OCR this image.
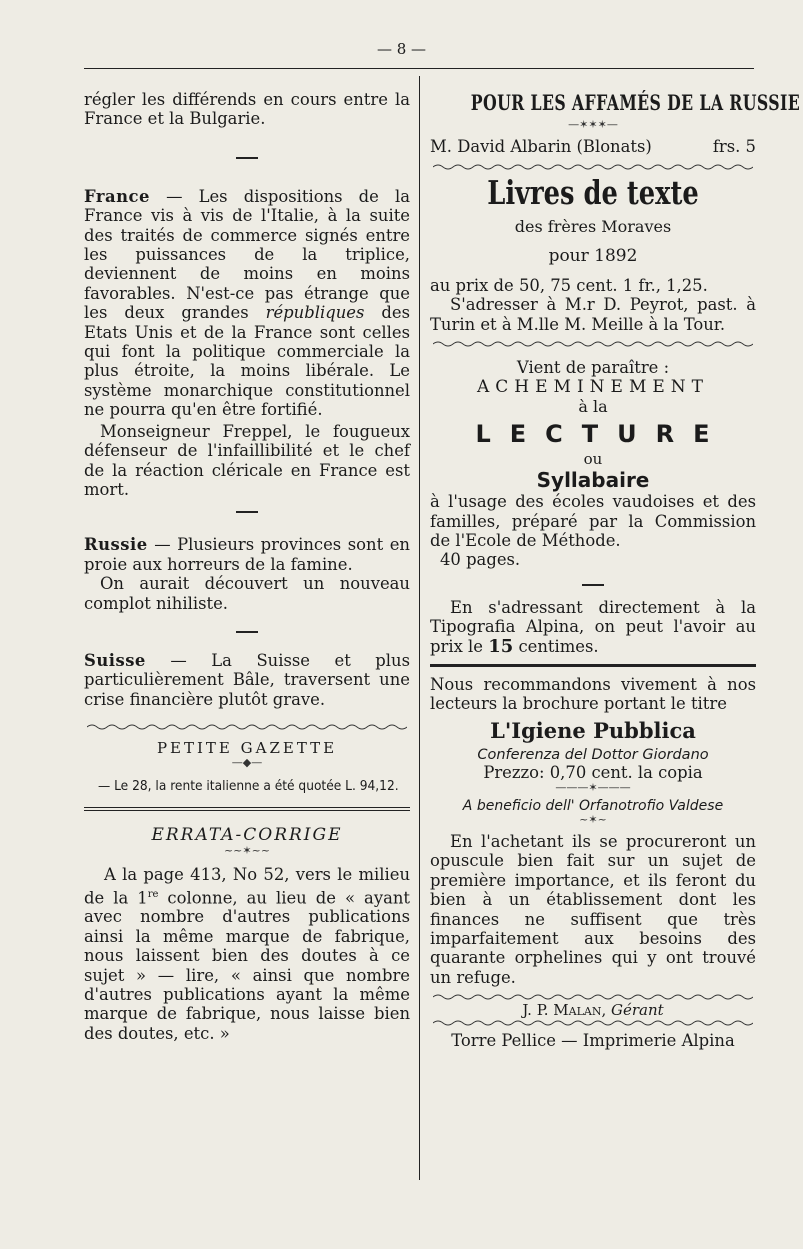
— 8 —

régler les différends en cours entre la France et la Bulgarie.

France — Les dispositions de la France vis à vis de l'Italie, à la suite des traités de commerce signés entre les puissances de la triplice, deviennent de moins en moins favorables. N'est-ce pas étrange que les deux grandes républiques des Etats Unis et de la France sont celles qui font la politique commerciale la plus étroite, la moins libérale. Le système monarchique constitutionnel ne pourra qu'en être fortifié.

Monseigneur Freppel, le fougueux défenseur de l'infaillibilité et le chef de la réaction cléricale en France est mort.

Russie — Plusieurs provinces sont en proie aux horreurs de la famine.

On aurait découvert un nouveau complot nihiliste.

Suisse — La Suisse et plus particulièrement Bâle, traversent une crise financière plutôt grave.

PETITE GAZETTE
—◆—

— Le 28, la rente italienne a été quotée L. 94,12.

ERRATA-CORRIGE
~~✶~~

A la page 413, No 52, vers le milieu de la 1re colonne, au lieu de « ayant avec nombre d'autres publications ainsi la même marque de fabrique, nous laissent bien des doutes à ce sujet » — lire, « ainsi que nombre d'autres publications ayant la même marque de fabrique, nous laisse bien des doutes, etc. »

POUR LES AFFAMÉS DE LA RUSSIE
—✶✶✶—
M. David Albarin (Blonats)	frs. 5
Livres de texte
des frères Moraves
pour 1892

au prix de 50, 75 cent. 1 fr., 1,25.

S'adresser à M.r D. Peyrot, past. à Turin et à M.lle M. Meille à la Tour.

Vient de paraître :
ACHEMINEMENT
à la
LECTURE
ou
Syllabaire

à l'usage des écoles vaudoises et des familles, préparé par la Commission de l'Ecole de Méthode.

40 pages.

En s'adressant directement à la Tipografia Alpina, on peut l'avoir au prix le 15 centimes.

Nous recommandons vivement à nos lecteurs la brochure portant le titre

L'Igiene Pubblica
Conferenza del Dottor Giordano
Prezzo: 0,70 cent. la copia
———✶———
A beneficio dell' Orfanotrofio Valdese
~✶~

En l'achetant ils se procureront un opuscule bien fait sur un sujet de première importance, et ils feront du bien à un établissement dont les finances ne suffisent que très imparfaitement aux besoins des quarante orphelines qui y ont trouvé un refuge.

J. P. Malan, Gérant
Torre Pellice — Imprimerie Alpina
